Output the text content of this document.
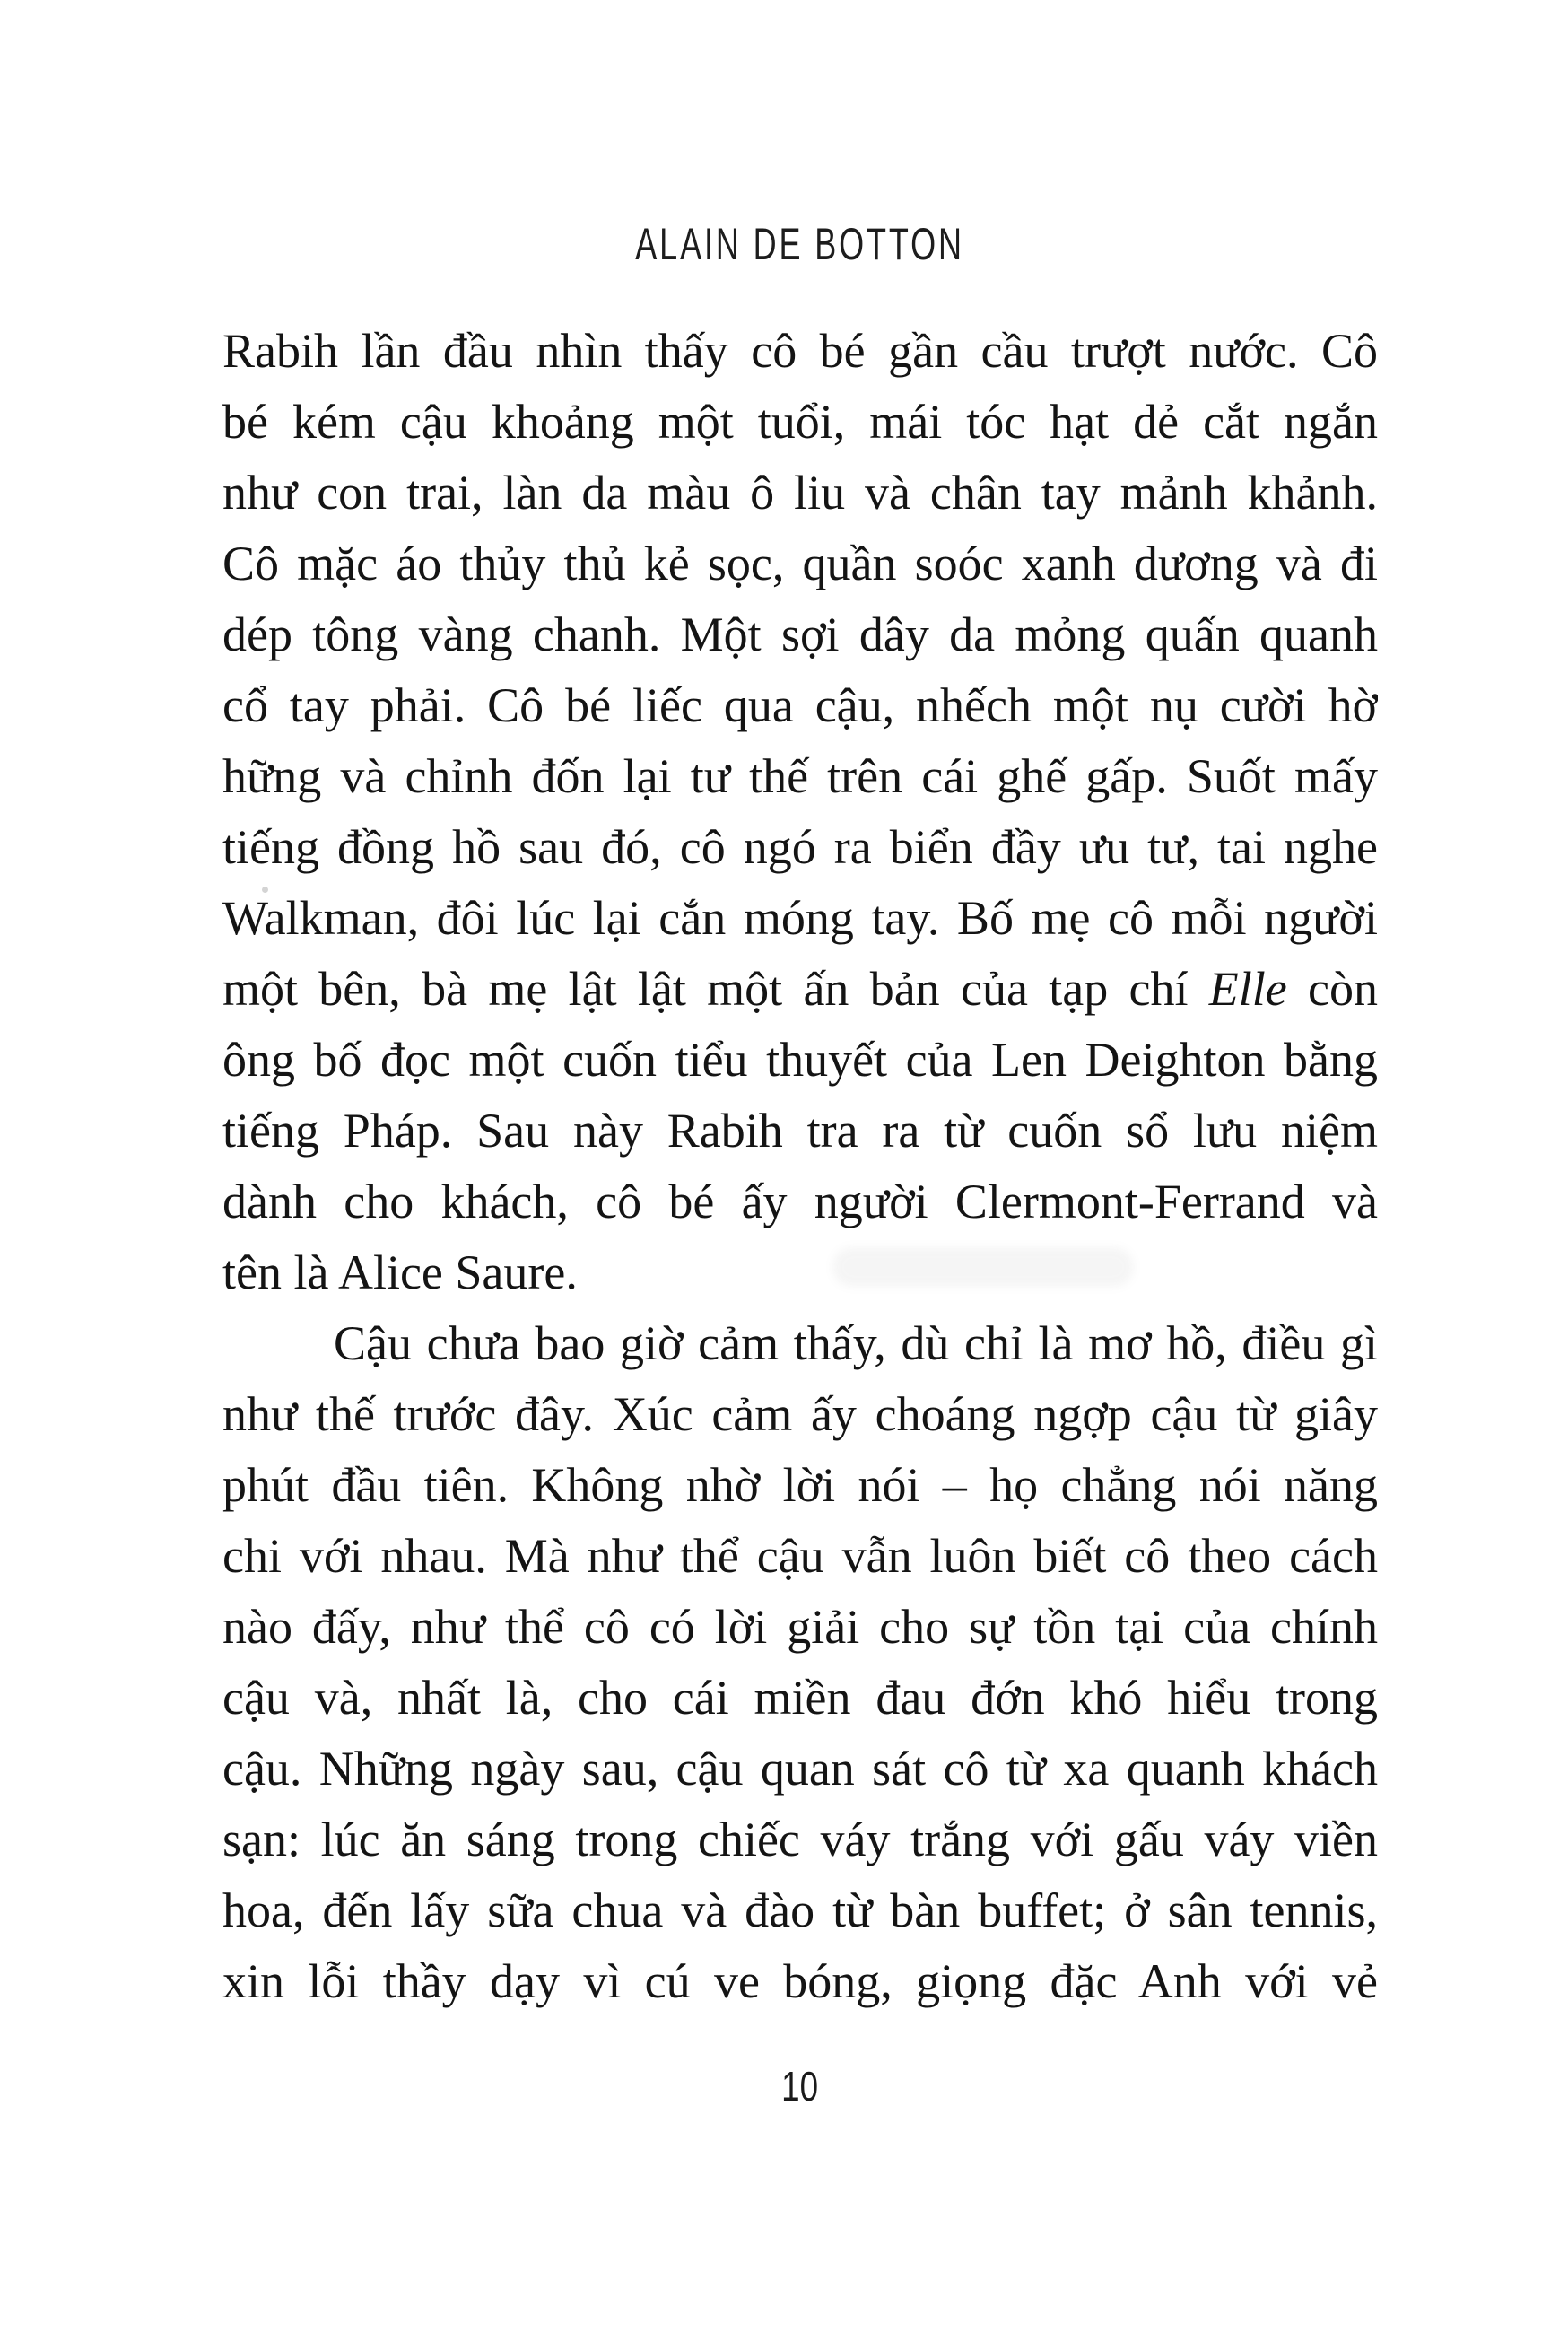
ALAIN DE BOTTON
Rabih lần đầu nhìn thấy cô bé gần cầu trượt nước. Cô
bé kém cậu khoảng một tuổi, mái tóc hạt dẻ cắt ngắn
như con trai, làn da màu ô liu và chân tay mảnh khảnh.
Cô mặc áo thủy thủ kẻ sọc, quần soóc xanh dương và đi
dép tông vàng chanh. Một sợi dây da mỏng quấn quanh
cổ tay phải. Cô bé liếc qua cậu, nhếch một nụ cười hờ
hững và chỉnh đốn lại tư thế trên cái ghế gấp. Suốt mấy
tiếng đồng hồ sau đó, cô ngó ra biển đầy ưu tư, tai nghe
Walkman, đôi lúc lại cắn móng tay. Bố mẹ cô mỗi người
một bên, bà mẹ lật lật một ấn bản của tạp chí Elle còn
ông bố đọc một cuốn tiểu thuyết của Len Deighton bằng
tiếng Pháp. Sau này Rabih tra ra từ cuốn sổ lưu niệm
dành cho khách, cô bé ấy người Clermont-Ferrand và
tên là Alice Saure.
Cậu chưa bao giờ cảm thấy, dù chỉ là mơ hồ, điều gì
như thế trước đây. Xúc cảm ấy choáng ngợp cậu từ giây
phút đầu tiên. Không nhờ lời nói – họ chẳng nói năng
chi với nhau. Mà như thể cậu vẫn luôn biết cô theo cách
nào đấy, như thể cô có lời giải cho sự tồn tại của chính
cậu và, nhất là, cho cái miền đau đớn khó hiểu trong
cậu. Những ngày sau, cậu quan sát cô từ xa quanh khách
sạn: lúc ăn sáng trong chiếc váy trắng với gấu váy viền
hoa, đến lấy sữa chua và đào từ bàn buffet; ở sân tennis,
xin lỗi thầy dạy vì cú ve bóng, giọng đặc Anh với vẻ
10
